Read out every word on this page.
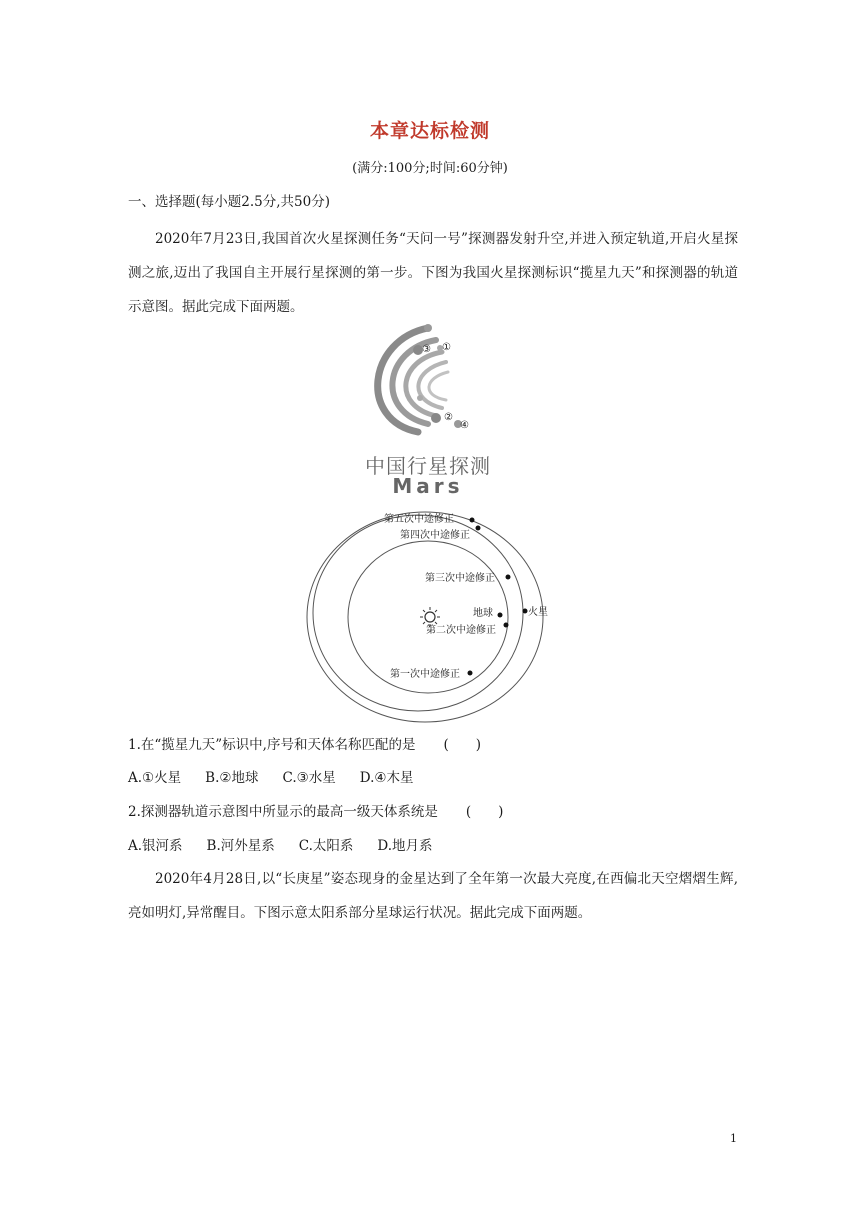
本章达标检测
(满分:100分;时间:60分钟)
一、选择题(每小题2.5分,共50分)

2020年7月23日,我国首次火星探测任务“天问一号”探测器发射升空,并进入预定轨道,开启火星探测之旅,迈出了我国自主开展行星探测的第一步。下图为我国火星探测标识“揽星九天”和探测器的轨道示意图。据此完成下面两题。

③ ①
②
④
中国行星探测
Mars
第五次中途修正
第四次中途修正
第三次中途修正
地球	火星
第二次中途修正
第一次中途修正
1.在“揽星九天”标识中,序号和天体名称匹配的是 (　　)
A.①火星 B.②地球 C.③水星 D.④木星
2.探测器轨道示意图中所显示的最高一级天体系统是 (　　)
A.银河系 B.河外星系 C.太阳系 D.地月系

2020年4月28日,以“长庚星”姿态现身的金星达到了全年第一次最大亮度,在西偏北天空熠熠生辉,亮如明灯,异常醒目。下图示意太阳系部分星球运行状况。据此完成下面两题。

1
